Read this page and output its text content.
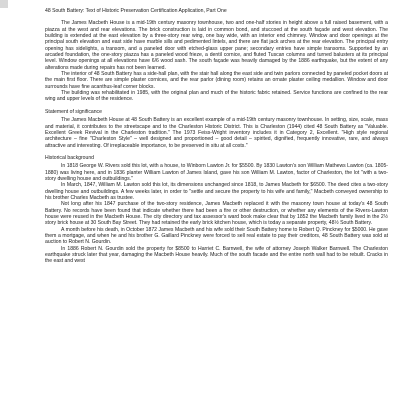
48 South Battery: Text of Historic Preservation Certification Application, Part One

The James Macbeth House is a mid-19th century masonry townhouse, two and one-half stories in height above a full raised basement, with a piazza at the west and rear elevations. The brick construction is laid in common bond, and stuccoed at the south façade and west elevation. The building is extended at the east elevation by a three-story rear wing, one bay wide, with an interior end chimney. Window and door openings at the principal south elevation and east side have marble sills and pedimented lintels, and there are flat jack arches at the rear elevation. The principal entry opening has sidelights, a transom, and a paneled door with etched-glass upper pane; secondary entries have simple transoms. Supported by an arcaded foundation, the one-story piazza has a paneled wood frieze, a dentil cornice, and fluted Tuscan columns and turned balusters at its principal level. Window openings at all elevations have 6/6 wood sash. The south façade was heavily damaged by the 1886 earthquake, but the extent of any alterations made during repairs has not been learned.

The interior of 48 South Battery has a side-hall plan, with the stair hall along the east side and twin parlors connected by paneled pocket doors at the main first floor. There are simple plaster cornices, and the rear parlor (dining room) retains an ornate plaster ceiling medallion. Window and door surrounds have fine acanthus-leaf corner blocks.

The building was rehabilitated in 1985, with the original plan and much of the historic fabric retained. Service functions are confined to the rear wing and upper levels of the residence.

Statement of significance

The James Macbeth House at 48 South Battery is an excellent example of a mid-19th century masonry townhouse. In setting, size, scale, mass and material, it contributes to the streetscape and to the Charleston Historic District. This is Charleston (1944) cited 48 South Battery as "Valuable. Excellent Greek Revival in the Charleston tradition." The 1973 Feiss-Wright inventory includes it in Category 2, Excellent. "High style regional architecture – fine "Charleston Style" – well designed and proportioned – good detail – spirited, dignified, frequently innovative, rare, and always attractive and interesting. Of irreplaceable importance, to be preserved in situ at all costs."

Historical background

In 1818 George W. Rivers sold this lot, with a house, to Winborn Lawton Jr. for $5500. By 1830 Lawton's son William Mathews Lawton (ca. 1805-1880) was living here, and in 1836 planter William Lawton of James Island, gave his son William M. Lawton, factor of Charleston, the lot "with a two-story dwelling house and outbuildings."

In March, 1847, William M. Lawton sold this lot, its dimensions unchanged since 1818, to James Macbeth for $6500. The deed cites a two-story dwelling house and outbuildings. A few weeks later, in order to "settle and secure the property to his wife and family," Macbeth conveyed ownership to his brother Charles Macbeth as trustee.

Not long after his 1847 purchase of the two-story residence, James Macbeth replaced it with the masonry town house at today's 48 South Battery. No records have been found that indicate whether there had been a fire or other destruction, or whether any elements of the Rivers-Lawton house were reused in the Macbeth House. The city directory and tax assessor's ward book make clear that by 1852 the Macbeth family lived in the 2½ story brick house at 30 South Bay Street. They had retained the early brick kitchen house, which is today a separate property, 48½ South Battery.

A month before his death, in October 1872 James Macbeth and his wife sold their South Battery home to Robert Q. Pinckney for $5000. He gave them a mortgage, and when he and his brother G. Gaillard Pinckney were forced to sell real estate to pay their creditors, 48 South Battery was sold at auction to Robert N. Gourdin.

In 1886 Robert N. Gourdin sold the property for $8500 to Harriet C. Barnwell, the wife of attorney Joseph Walker Barnwell. The Charleston earthquake struck later that year, damaging the Macbeth House heavily. Much of the south facade and the entire north wall had to be rebuilt. Cracks in the east and west
